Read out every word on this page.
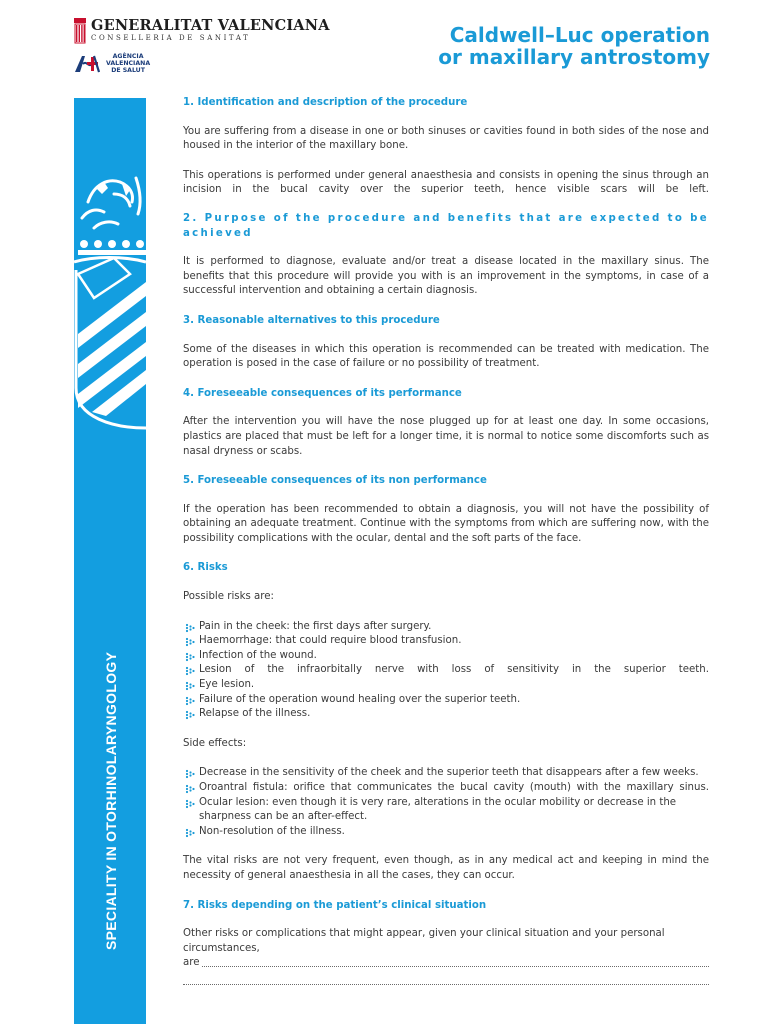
GENERALITAT VALENCIANA
CONSELLERIA DE SANITAT
AGÈNCIA
VALENCIANA
DE SALUT
Caldwell–Luc operation
or maxillary antrostomy
SPECIALITY IN OTORHINOLARYNGOLOGY
1. Identification and description of the procedure
You are suffering from a disease in one or both sinuses or cavities found in both sides of the nose and housed in the interior of the maxillary bone.
This operations is performed under general anaesthesia and consists in opening the sinus through an incision in the bucal cavity over the superior teeth, hence visible scars will be left.
2. Purpose of the procedure and benefits that are expected to be achieved
It is performed to diagnose, evaluate and/or treat a disease located in the maxillary sinus. The benefits that this procedure will provide you with is an improvement in the symptoms, in case of a successful intervention and obtaining a certain diagnosis.
3. Reasonable alternatives to this procedure
Some of the diseases in which this operation is recommended can be treated with medication. The operation is posed in the case of failure or no possibility of treatment.
4. Foreseeable consequences of its performance
After the intervention you will have the nose plugged up for at least one day. In some occasions, plastics are placed that must be left for a longer time, it is normal to notice some discomforts such as nasal dryness or scabs.
5. Foreseeable consequences of its non performance
If the operation has been recommended to obtain a diagnosis, you will not have the possibility of obtaining an adequate treatment. Continue with the symptoms from which are suffering now, with the possibility complications with the ocular, dental and the soft parts of the face.
6. Risks
Possible risks are:
Pain in the cheek: the first days after surgery.
Haemorrhage: that could require blood transfusion.
Infection of the wound.
Lesion of the infraorbitally nerve with loss of sensitivity in the superior teeth.
Eye lesion.
Failure of the operation wound healing over the superior teeth.
Relapse of the illness.
Side effects:
Decrease in the sensitivity of the cheek and the superior teeth that disappears after a few weeks.
Oroantral fistula: orifice that communicates the bucal cavity (mouth) with the maxillary sinus.
Ocular lesion: even though it is very rare, alterations in the ocular mobility or decrease in the sharpness can be an after-effect.
Non-resolution of the illness.
The vital risks are not very frequent, even though, as in any medical act and keeping in mind the necessity of general anaesthesia in all the cases, they can occur.
7. Risks depending on the patient’s clinical situation
Other risks or complications that might appear, given your clinical situation and your personal circumstances,
are
